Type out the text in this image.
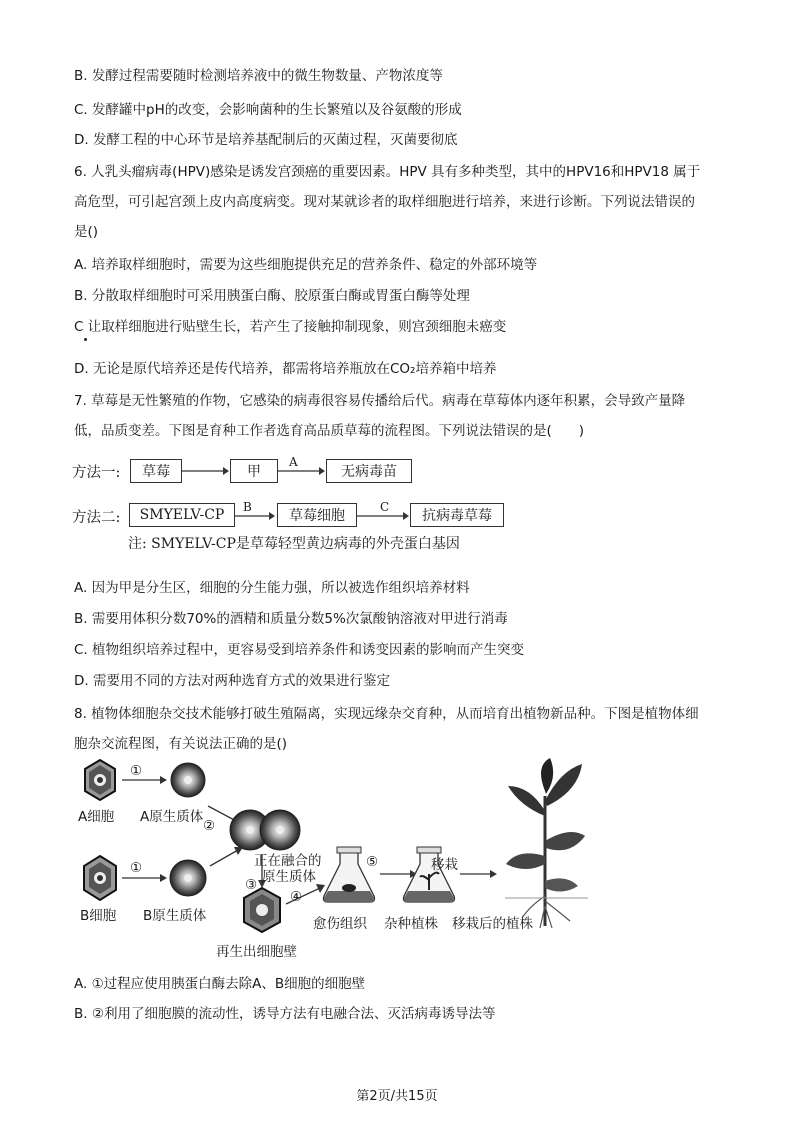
B. 发酵过程需要随时检测培养液中的微生物数量、产物浓度等
C. 发酵罐中pH的改变，会影响菌种的生长繁殖以及谷氨酸的形成
D. 发酵工程的中心环节是培养基配制后的灭菌过程，灭菌要彻底
6. 人乳头瘤病毒(HPV)感染是诱发宫颈癌的重要因素。HPV 具有多种类型，其中的HPV16和HPV18 属于
高危型，可引起宫颈上皮内高度病变。现对某就诊者的取样细胞进行培养，来进行诊断。下列说法错误的
是()
A. 培养取样细胞时，需要为这些细胞提供充足的营养条件、稳定的外部环境等
B. 分散取样细胞时可采用胰蛋白酶、胶原蛋白酶或胃蛋白酶等处理
C 让取样细胞进行贴壁生长，若产生了接触抑制现象，则宫颈细胞未癌变
D. 无论是原代培养还是传代培养，都需将培养瓶放在CO₂培养箱中培养
7. 草莓是无性繁殖的作物，它感染的病毒很容易传播给后代。病毒在草莓体内逐年积累，会导致产量降
低，品质变差。下图是育种工作者选育高品质草莓的流程图。下列说法错误的是(　　)
方法一:	草莓	甲
A
无病毒苗
方法二:	SMYELV-CP	B
草莓细胞
C
抗病毒草莓
注: SMYELV-CP是草莓轻型黄边病毒的外壳蛋白基因
A. 因为甲是分生区，细胞的分生能力强，所以被选作组织培养材料
B. 需要用体积分数70%的酒精和质量分数5%次氯酸钠溶液对甲进行消毒
C. 植物组织培养过程中，更容易受到培养条件和诱变因素的影响而产生突变
D. 需要用不同的方法对两种选育方式的效果进行鉴定
8. 植物体细胞杂交技术能够打破生殖隔离，实现远缘杂交育种，从而培育出植物新品种。下图是植物体细
胞杂交流程图，有关说法正确的是()
①
A细胞 A原生质体
②
正在融合的
原生质体
①
③
④
B细胞 B原生质体
⑤	移栽
愈伤组织 杂种植株 移栽后的植株
再生出细胞壁
A. ①过程应使用胰蛋白酶去除A、B细胞的细胞壁
B. ②利用了细胞膜的流动性，诱导方法有电融合法、灭活病毒诱导法等
第2页/共15页
